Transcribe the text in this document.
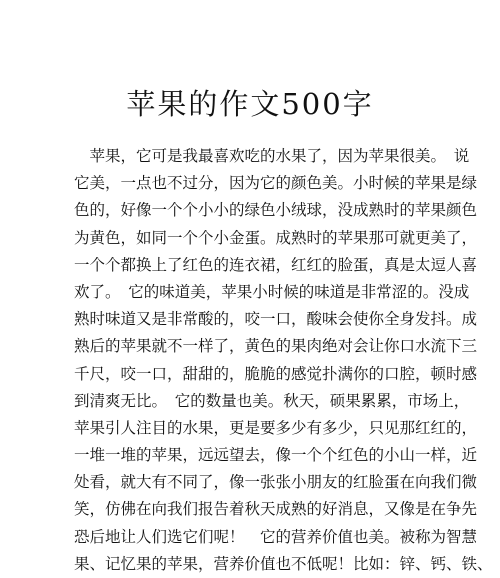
苹果的作文500字
　苹果，它可是我最喜欢吃的水果了，因为苹果很美。　说
它美，一点也不过分，因为它的颜色美。小时候的苹果是绿
色的，好像一个个小小的绿色小绒球，没成熟时的苹果颜色
为黄色，如同一个个小金蛋。成熟时的苹果那可就更美了，
一个个都换上了红色的连衣裙，红红的脸蛋，真是太逗人喜
欢了。　它的味道美，苹果小时候的味道是非常涩的。没成
熟时味道又是非常酸的，咬一口，酸味会使你全身发抖。成
熟后的苹果就不一样了，黄色的果肉绝对会让你口水流下三
千尺，咬一口，甜甜的，脆脆的感觉扑满你的口腔，顿时感
到清爽无比。　它的数量也美。秋天，硕果累累，市场上，
苹果引人注目的水果，更是要多少有多少，只见那红红的，
一堆一堆的苹果，远远望去，像一个个红色的小山一样，近
处看，就大有不同了，像一张张小朋友的红脸蛋在向我们微
笑，仿佛在向我们报告着秋天成熟的好消息，又像是在争先
恐后地让人们选它们呢！　它的营养价值也美。被称为智慧
果、记忆果的苹果，营养价值也不低呢！比如：锌、钙、铁、
